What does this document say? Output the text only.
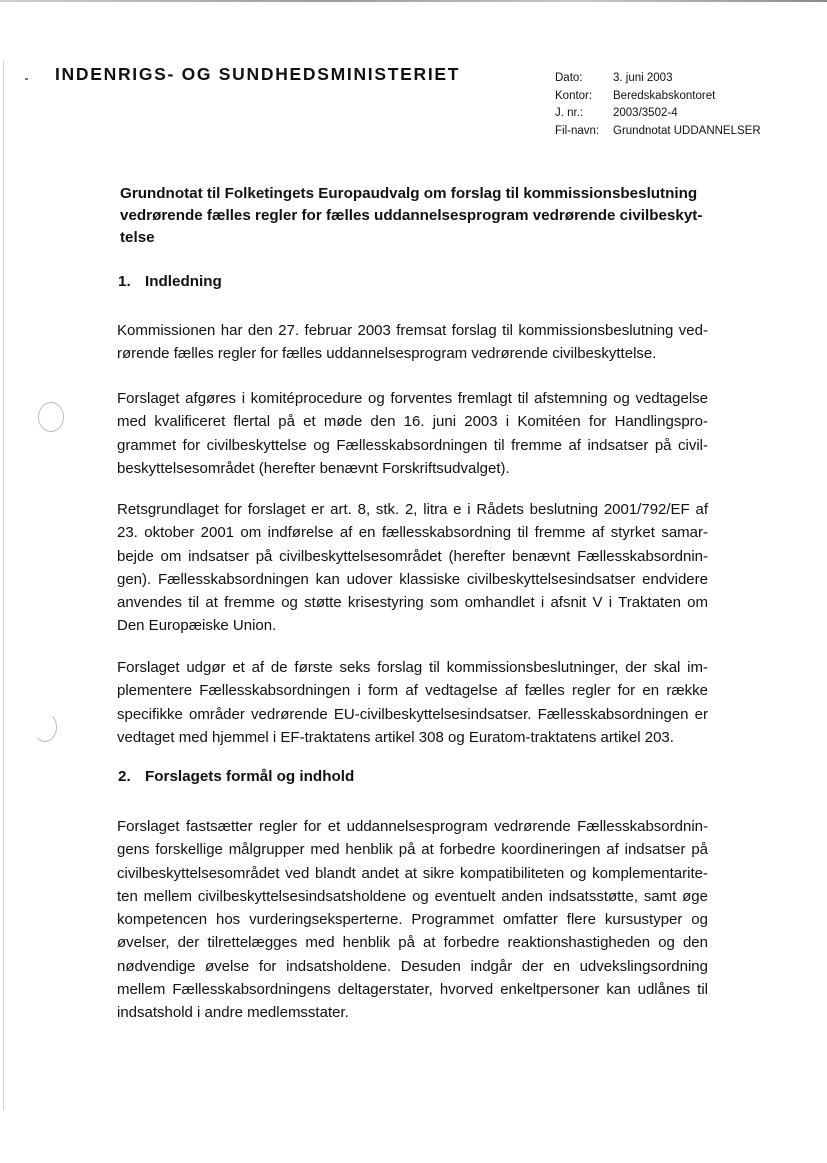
INDENRIGS- OG SUNDHEDSMINISTERIET	Dato:	3. juni 2003
Kontor:	Beredskabskontoret
J. nr.:	2003/3502-4
Fil-navn:	Grundnotat UDDANNELSER
Grundnotat til Folketingets Europaudvalg om forslag til kommissionsbeslutning vedrørende fælles regler for fælles uddannelsesprogram vedrørende civilbeskyt-telse
1. Indledning

Kommissionen har den 27. februar 2003 fremsat forslag til kommissionsbeslutning ved-rørende fælles regler for fælles uddannelsesprogram vedrørende civilbeskyttelse.

Forslaget afgøres i komitéprocedure og forventes fremlagt til afstemning og vedtagelse med kvalificeret flertal på et møde den 16. juni 2003 i Komitéen for Handlingspro-grammet for civilbeskyttelse og Fællesskabsordningen til fremme af indsatser på civil-beskyttelsesområdet (herefter benævnt Forskriftsudvalget).

Retsgrundlaget for forslaget er art. 8, stk. 2, litra e i Rådets beslutning 2001/792/EF af 23. oktober 2001 om indførelse af en fællesskabsordning til fremme af styrket samar-bejde om indsatser på civilbeskyttelsesområdet (herefter benævnt Fællesskabsordnin-gen). Fællesskabsordningen kan udover klassiske civilbeskyttelsesindsatser endvidere anvendes til at fremme og støtte krisestyring som omhandlet i afsnit V i Traktaten om Den Europæiske Union.

Forslaget udgør et af de første seks forslag til kommissionsbeslutninger, der skal im-plementere Fællesskabsordningen i form af vedtagelse af fælles regler for en række specifikke områder vedrørende EU-civilbeskyttelsesindsatser. Fællesskabsordningen er vedtaget med hjemmel i EF-traktatens artikel 308 og Euratom-traktatens artikel 203.

2. Forslagets formål og indhold

Forslaget fastsætter regler for et uddannelsesprogram vedrørende Fællesskabsordnin-gens forskellige målgrupper med henblik på at forbedre koordineringen af indsatser på civilbeskyttelsesområdet ved blandt andet at sikre kompatibiliteten og komplementarite-ten mellem civilbeskyttelsesindsatsholdene og eventuelt anden indsatsstøtte, samt øge kompetencen hos vurderingseksperterne. Programmet omfatter flere kursustyper og øvelser, der tilrettelægges med henblik på at forbedre reaktionshastigheden og den nødvendige øvelse for indsatsholdene. Desuden indgår der en udvekslingsordning mellem Fællesskabsordningens deltagerstater, hvorved enkeltpersoner kan udlånes til indsatshold i andre medlemsstater.
